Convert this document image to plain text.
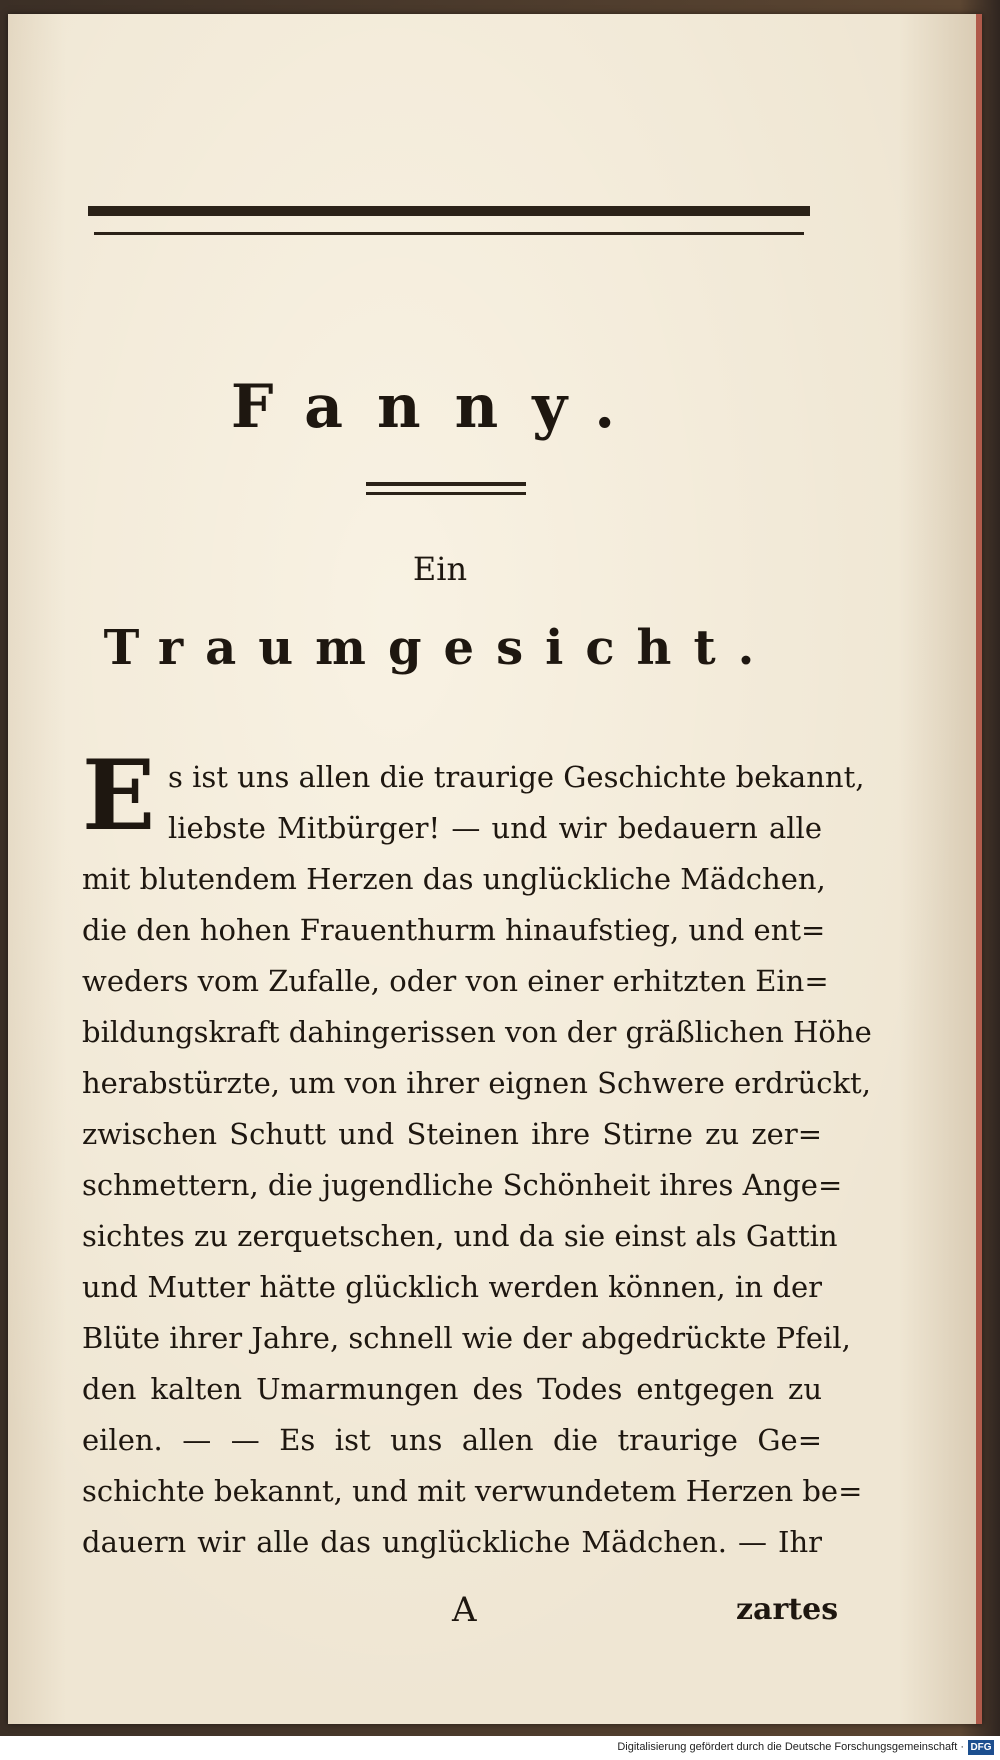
Fanny.
Ein
Traumgesicht.
E s ist uns allen die traurige Geschichte bekannt,
liebste Mitbürger! — und wir bedauern alle
mit blutendem Herzen das unglückliche Mädchen,
die den hohen Frauenthurm hinaufstieg, und ent=
weders vom Zufalle, oder von einer erhitzten Ein=
bildungskraft dahingerissen von der gräßlichen Höhe
herabstürzte, um von ihrer eignen Schwere erdrückt,
zwischen Schutt und Steinen ihre Stirne zu zer=
schmettern, die jugendliche Schönheit ihres Ange=
sichtes zu zerquetschen, und da sie einst als Gattin
und Mutter hätte glücklich werden können, in der
Blüte ihrer Jahre, schnell wie der abgedrückte Pfeil,
den kalten Umarmungen des Todes entgegen zu
eilen. — — Es ist uns allen die traurige Ge=
schichte bekannt, und mit verwundetem Herzen be=
dauern wir alle das unglückliche Mädchen. — Ihr
A	zartes
Digitalisierung gefördert durch die Deutsche Forschungsgemeinschaft · DFG
